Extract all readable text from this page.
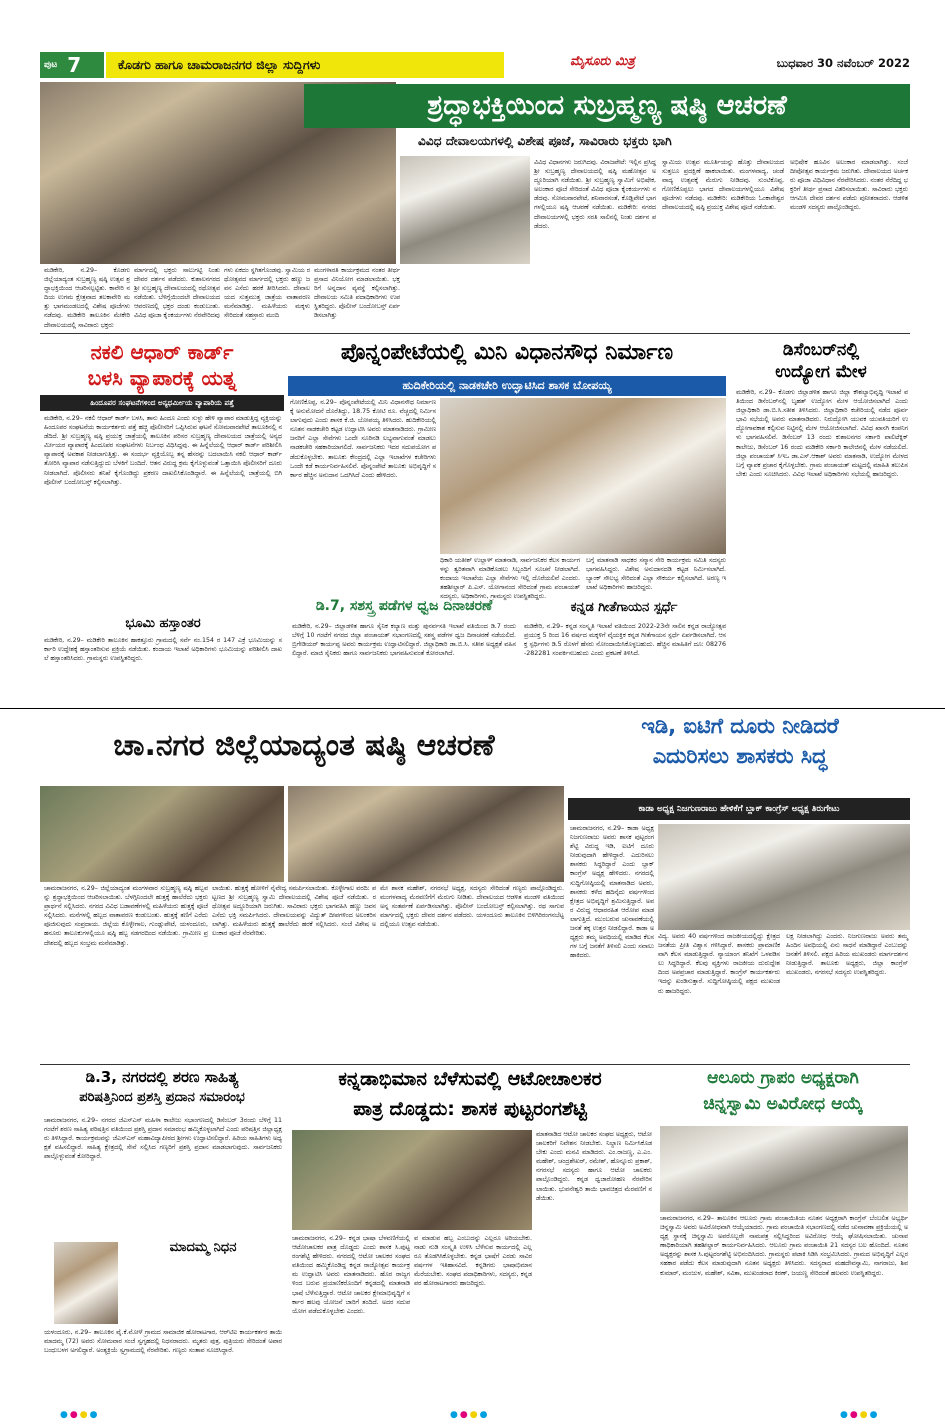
ಪುಟ 7	ಕೊಡಗು ಹಾಗೂ ಚಾಮರಾಜನಗರ ಜಿಲ್ಲಾ ಸುದ್ದಿಗಳು	ಮೈಸೂರು ಮಿತ್ರ	ಬುಧವಾರ 30 ನವೆಂಬರ್ 2022
ಶ್ರದ್ಧಾಭಕ್ತಿಯಿಂದ ಸುಬ್ರಹ್ಮಣ್ಯ ಷಷ್ಠಿ ಆಚರಣೆ
ವಿವಿಧ ದೇವಾಲಯಗಳಲ್ಲಿ ವಿಶೇಷ ಪೂಜೆ, ಸಾವಿರಾರು ಭಕ್ತರು ಭಾಗಿ
ಮಡಿಕೇರಿ, ನ.29– ಕೊಡಗು ಜಿಲ್ಲೆಯಾದ್ಯಂತ ಸುಬ್ರಹ್ಮಣ್ಯ ಷಷ್ಠಿ ಉತ್ಸವ ಶ್ರದ್ಧಾಭಕ್ತಿಯಿಂದ ಆಚರಿಸಲ್ಪಟ್ಟಿತು. ಕಾವೇರಿ ನದಿಯ ಉಗಮ ಕ್ಷೇತ್ರವಾದ ತಲಕಾವೇರಿ ಮತ್ತು ಭಾಗಮಂಡಲದಲ್ಲಿ ವಿಶೇಷ ಪೂಜೆಗಳು ನಡೆದವು. ಮಡಿಕೇರಿ ತಾಲೂಕಿನ ಮೇಕೇರಿ ದೇವಾಲಯದಲ್ಲಿ ಸಾವಿರಾರು ಭಕ್ತರು
ಮಾರ್ಗದಲ್ಲಿ ಭಕ್ತರು ಸಾಲುಗಟ್ಟಿ ನಿಂತು ದೇವರ ದರ್ಶನ ಪಡೆದರು. ಕುಶಾಲನಗರದ ಶ್ರೀ ಸುಬ್ರಹ್ಮಣ್ಯ ದೇವಾಲಯದಲ್ಲಿ ರಥೋತ್ಸವ ನಡೆಯಿತು. ಬೆಳಿಗ್ಗೆಯಿಂದಲೇ ದೇವಾಲಯದ ಆವರಣದಲ್ಲಿ ಭಕ್ತರ ದಂಡು ಕಂಡುಬಂತು. ವಿವಿಧ ಪೂಜಾ ಕೈಂಕರ್ಯಗಳು ನೆರವೇರಿದವು
ಗಳು ಏಕದಂ ಸ್ಥಗಿತಗೊಂಡವು. ಸ್ವಾಮಿಯ ರಥೋತ್ಸವದ ಮಾರ್ಗದಲ್ಲಿ ಭಕ್ತರು ಹಣ್ಣು ಜವನ ಎಸೆದು ಹರಕೆ ತೀರಿಸಿದರು. ದೇವಾಲಯದ ಸುತ್ತಮುತ್ತ ಜಾತ್ರೆಯ ವಾತಾವರಣ ಮನೆಮಾಡಿತ್ತು. ಮಹಿಳೆಯರು ಮಕ್ಕಳು ಸೇರಿದಂತೆ ಸಹಸ್ರಾರು ಮಂದಿ
ಮಂಗಳಾರತಿ ಕಾರ್ಯಕ್ರಮದ ನಂತರ ತೀರ್ಥ ಪ್ರಸಾದ ವಿನಿಯೋಗ ಮಾಡಲಾಯಿತು. ಭಕ್ತರಿಗೆ ಅನ್ನದಾನ ವ್ಯವಸ್ಥೆ ಕಲ್ಪಿಸಲಾಗಿತ್ತು. ದೇವಾಲಯ ಸಮಿತಿ ಪದಾಧಿಕಾರಿಗಳು ಉಪಸ್ಥಿತರಿದ್ದರು. ಪೊಲೀಸ್ ಬಂದೋಬಸ್ತ್ ಏರ್ಪಡಿಸಲಾಗಿತ್ತು
ವಿವಿಧ ವಿಧಾನಗಳು ಜರುಗಿದವು. ವಿರಾಜಪೇಟೆ: ಇಲ್ಲಿನ ಪ್ರಸಿದ್ಧ ಶ್ರೀ ಸುಬ್ರಹ್ಮಣ್ಯ ದೇವಾಲಯದಲ್ಲಿ ಷಷ್ಠಿ ಮಹೋತ್ಸವ ಅದ್ದೂರಿಯಾಗಿ ನಡೆಯಿತು. ಶ್ರೀ ಸುಬ್ರಹ್ಮಣ್ಯ ಸ್ವಾಮಿಗೆ ಅಭಿಷೇಕ, ಅಲಂಕಾರ ಪೂಜೆ ಸೇರಿದಂತೆ ವಿವಿಧ ಪೂಜಾ ಕೈಂಕರ್ಯಗಳು ನಡೆದವು. ಸೋಮವಾರಪೇಟೆ, ಶನಿವಾರಸಂತೆ, ಕೊಡ್ಲಿಪೇಟೆ ಭಾಗಗಳಲ್ಲಿಯೂ ಷಷ್ಠಿ ಆಚರಣೆ ನಡೆಯಿತು. ಮಡಿಕೇರಿ: ನಗರದ ದೇವಾಲಯಗಳಲ್ಲಿ ಭಕ್ತರು ಸರತಿ ಸಾಲಿನಲ್ಲಿ ನಿಂತು ದರ್ಶನ ಪಡೆದರು.
ಸ್ವಾಮಿಯ ಉತ್ಸವ ಮೂರ್ತಿಯನ್ನು ಹೊತ್ತು ದೇವಾಲಯದ ಸುತ್ತಲೂ ಪ್ರದಕ್ಷಿಣೆ ಹಾಕಲಾಯಿತು. ಮಂಗಳವಾದ್ಯ, ಚಂಡೆ ವಾದ್ಯ ಉತ್ಸವಕ್ಕೆ ಮೆರುಗು ನೀಡಿದವು. ಸುಂಟಿಕೊಪ್ಪ, ಗೋಣಿಕೊಪ್ಪಲು ಭಾಗದ ದೇವಾಲಯಗಳಲ್ಲಿಯೂ ವಿಶೇಷ ಪೂಜೆಗಳು ನಡೆದವು. ಮಡಿಕೇರಿ: ಮಡಿಕೇರಿಯ ಓಂಕಾರೇಶ್ವರ ದೇವಾಲಯದಲ್ಲಿ ಷಷ್ಠಿ ಪ್ರಯುಕ್ತ ವಿಶೇಷ ಪೂಜೆ ನಡೆಯಿತು.
ಅಭಿಷೇಕ ಹೂವಿನ ಅಲಂಕಾರ ಮಾಡಲಾಗಿತ್ತು. ಸಂಜೆ ದೀಪೋತ್ಸವ ಕಾರ್ಯಕ್ರಮ ಜರುಗಿತು. ದೇವಾಲಯದ ಅರ್ಚಕರು ಪೂಜಾ ವಿಧಿವಿಧಾನ ನೆರವೇರಿಸಿದರು. ನಂತರ ನೆರೆದಿದ್ದ ಭಕ್ತರಿಗೆ ತೀರ್ಥ ಪ್ರಸಾದ ವಿತರಿಸಲಾಯಿತು. ಸಾವಿರಾರು ಭಕ್ತರು ಆಗಮಿಸಿ ದೇವರ ದರ್ಶನ ಪಡೆದು ಪುನೀತರಾದರು. ಆಡಳಿತ ಮಂಡಳಿ ಸದಸ್ಯರು ಪಾಲ್ಗೊಂಡಿದ್ದರು.
ನಕಲಿ ಆಧಾರ್ ಕಾರ್ಡ್
ಬಳಸಿ ವ್ಯಾಪಾರಕ್ಕೆ ಯತ್ನ
ಹಿಂದೂಪರ ಸಂಘಟನೆಗಳಿಂದ ಅನ್ಯಧರ್ಮೀಯ ವ್ಯಾಪಾರಿಯ ಪತ್ತೆ
ಮಡಿಕೇರಿ, ನ.29– ನಕಲಿ ಆಧಾರ್ ಕಾರ್ಡ್ ಬಳಸಿ, ತಾನು ಹಿಂದೂ ಎಂದು ಸುಳ್ಳು ಹೇಳಿ ವ್ಯಾಪಾರ ಮಾಡುತ್ತಿದ್ದ ವ್ಯಕ್ತಿಯನ್ನು ಹಿಂದೂಪರ ಸಂಘಟನೆಯ ಕಾರ್ಯಕರ್ತರು ಪತ್ತೆ ಹಚ್ಚಿ ಪೊಲೀಸರಿಗೆ ಒಪ್ಪಿಸಿರುವ ಘಟನೆ ಸೋಮವಾರಪೇಟೆ ತಾಲೂಕಿನಲ್ಲಿ ನಡೆದಿದೆ. ಶ್ರೀ ಸುಬ್ರಹ್ಮಣ್ಯ ಷಷ್ಠಿ ಪ್ರಯುಕ್ತ ಜಾತ್ರೆಯಲ್ಲಿ ತಾಲೂಕಿನ ಪರಿಸರ ಸುಬ್ರಹ್ಮಣ್ಯ ದೇವಾಲಯದ ಜಾತ್ರೆಯಲ್ಲಿ ಅನ್ಯಧರ್ಮೀಯರ ವ್ಯಾಪಾರಕ್ಕೆ ಹಿಂದೂಪರ ಸಂಘಟನೆಗಳು ನಿರ್ಬಂಧ ವಿಧಿಸಿದ್ದವು. ಈ ಹಿನ್ನೆಲೆಯಲ್ಲಿ ಆಧಾರ್ ಕಾರ್ಡ್ ಪರಿಶೀಲಿಸಿ ವ್ಯಾಪಾರಕ್ಕೆ ಅವಕಾಶ ನೀಡಲಾಗುತ್ತಿತ್ತು. ಈ ಸಂದರ್ಭ ವ್ಯಕ್ತಿಯೊಬ್ಬ ತನ್ನ ಹೆಸರನ್ನು ಬದಲಾಯಿಸಿ ನಕಲಿ ಆಧಾರ್ ಕಾರ್ಡ್ ತೋರಿಸಿ ವ್ಯಾಪಾರ ನಡೆಸುತ್ತಿದ್ದುದು ಬೆಳಕಿಗೆ ಬಂದಿದೆ. ಆತನ ವಿರುದ್ಧ ಕ್ರಮ ಕೈಗೊಳ್ಳುವಂತೆ ಒತ್ತಾಯಿಸಿ ಪೊಲೀಸರಿಗೆ ದೂರು ನೀಡಲಾಗಿದೆ. ಪೊಲೀಸರು ತನಿಖೆ ಕೈಗೊಂಡಿದ್ದು ಪ್ರಕರಣ ದಾಖಲಿಸಿಕೊಂಡಿದ್ದಾರೆ. ಈ ಹಿನ್ನೆಲೆಯಲ್ಲಿ ಜಾತ್ರೆಯಲ್ಲಿ ಬಿಗಿ ಪೊಲೀಸ್ ಬಂದೋಬಸ್ತ್ ಕಲ್ಪಿಸಲಾಗಿತ್ತು.
ಭೂಮಿ ಹಸ್ತಾಂತರ
ಮಡಿಕೇರಿ, ನ.29– ಮಡಿಕೇರಿ ತಾಲೂಕಿನ ಹಾಕತ್ತೂರು ಗ್ರಾಮದಲ್ಲಿ ಸರ್ವೆ ನಂ.154 ರ 147 ಎಕ್ರೆ ಭೂಮಿಯನ್ನು ಸರ್ಕಾರಿ ಉದ್ದೇಶಕ್ಕೆ ಹಸ್ತಾಂತರಿಸುವ ಪ್ರಕ್ರಿಯೆ ನಡೆಯಿತು. ಕಂದಾಯ ಇಲಾಖೆ ಅಧಿಕಾರಿಗಳು ಭೂಮಿಯನ್ನು ಪರಿಶೀಲಿಸಿ ದಾಖಲೆ ಹಸ್ತಾಂತರಿಸಿದರು. ಗ್ರಾಮಸ್ಥರು ಉಪಸ್ಥಿತರಿದ್ದರು.
ಪೊನ್ನಂಪೇಟೆಯಲ್ಲಿ ಮಿನಿ ವಿಧಾನಸೌಧ ನಿರ್ಮಾಣ
ಹುದಿಕೇರಿಯಲ್ಲಿ ನಾಡಕಚೇರಿ ಉದ್ಘಾಟಿಸಿದ ಶಾಸಕ ಬೋಪಯ್ಯ
ಗೋಣಿಕೊಪ್ಪ, ನ.29– ಪೊನ್ನಂಪೇಟೆಯಲ್ಲಿ ಮಿನಿ ವಿಧಾನಸೌಧ ನಿರ್ಮಾಣಕ್ಕೆ ಅನುಮೋದನೆ ದೊರೆತಿದ್ದು, 18.75 ಕೋಟಿ ರೂ. ವೆಚ್ಚದಲ್ಲಿ ನಿರ್ಮಿಸಲಾಗುವುದು ಎಂದು ಶಾಸಕ ಕೆ.ಜಿ. ಬೋಪಯ್ಯ ತಿಳಿಸಿದರು. ಹುದಿಕೇರಿಯಲ್ಲಿ ನೂತನ ನಾಡಕಚೇರಿ ಕಟ್ಟಡ ಉದ್ಘಾಟಿಸಿ ಅವರು ಮಾತನಾಡಿದರು. ಗ್ರಾಮೀಣ ಜನರಿಗೆ ಎಲ್ಲಾ ಸೇವೆಗಳು ಒಂದೇ ಸೂರಿನಡಿ ಲಭ್ಯವಾಗುವಂತೆ ಮಾಡಲು ನಾಡಕಚೇರಿ ಸಹಕಾರಿಯಾಗಲಿದೆ. ಸಾರ್ವಜನಿಕರು ಇದರ ಸದುಪಯೋಗ ಪಡೆದುಕೊಳ್ಳಬೇಕು. ತಾಲೂಕು ಕೇಂದ್ರದಲ್ಲಿ ಎಲ್ಲಾ ಇಲಾಖೆಗಳ ಕಚೇರಿಗಳು ಒಂದೇ ಕಡೆ ಕಾರ್ಯನಿರ್ವಹಿಸಲಿವೆ. ಪೊನ್ನಂಪೇಟೆ ತಾಲೂಕು ಅಭಿವೃದ್ಧಿಗೆ ಸರ್ಕಾರ ಹೆಚ್ಚಿನ ಅನುದಾನ ಒದಗಿಸಿದೆ ಎಂದು ಹೇಳಿದರು.
ಧಿಕಾರಿ ಯತೀಶ್ ಉಲ್ಲಾಳ್ ಮಾತನಾಡಿ, ಸಾರ್ವಜನಿಕರ ಕೆಲಸ ಕಾರ್ಯಗಳನ್ನು ತ್ವರಿತವಾಗಿ ಮಾಡಿಕೊಡಲು ಸಿಬ್ಬಂದಿಗೆ ಸೂಚನೆ ನೀಡಲಾಗಿದೆ. ಕಂದಾಯ ಇಲಾಖೆಯ ಎಲ್ಲಾ ಸೇವೆಗಳು ಇಲ್ಲಿ ದೊರೆಯಲಿವೆ ಎಂದರು. ತಹಶೀಲ್ದಾರ್ ಪಿ.ಎಸ್. ಯೋಗಾನಂದ ಸೇರಿದಂತೆ ಗ್ರಾಮ ಪಂಚಾಯತ್ ಸದಸ್ಯರು, ಅಧಿಕಾರಿಗಳು, ಗ್ರಾಮಸ್ಥರು ಉಪಸ್ಥಿತರಿದ್ದರು.
ಬಗ್ಗೆ ಮಾತನಾಡಿ ಸಾಧಕರ ಸನ್ಮಾನ ಸೇರಿ ಕಾರ್ಯಕ್ರಮ ಸಮಿತಿ ಸದಸ್ಯರು ಭಾಗವಹಿಸಿದ್ದರು. ವಿಶೇಷ ಅನುದಾನದಡಿ ಕಟ್ಟಡ ನಿರ್ಮಿಸಲಾಗಿದೆ. ಬ್ಯಾಂಕ್ ಸೌಲಭ್ಯ ಸೇರಿದಂತೆ ಎಲ್ಲಾ ಸೌಕರ್ಯ ಕಲ್ಪಿಸಲಾಗಿದೆ. ಅರಣ್ಯ ಇಲಾಖೆ ಅಧಿಕಾರಿಗಳು ಹಾಜರಿದ್ದರು.
ಡಿ.7, ಸಶಸ್ತ್ರ ಪಡೆಗಳ ಧ್ವಜ ದಿನಾಚರಣೆ
ಮಡಿಕೇರಿ, ನ.29– ಜಿಲ್ಲಾಡಳಿತ ಹಾಗೂ ಸೈನಿಕ ಕಲ್ಯಾಣ ಮತ್ತು ಪುನರ್ವಸತಿ ಇಲಾಖೆ ವತಿಯಿಂದ ಡಿ.7 ರಂದು ಬೆಳಿಗ್ಗೆ 10 ಗಂಟೆಗೆ ನಗರದ ಜಿಲ್ಲಾ ಪಂಚಾಯತ್ ಸಭಾಂಗಣದಲ್ಲಿ ಸಶಸ್ತ್ರ ಪಡೆಗಳ ಧ್ವಜ ದಿನಾಚರಣೆ ನಡೆಯಲಿದೆ. ಬ್ರಿಗೇಡಿಯರ್ ಕಾರ್ಯಪ್ಪ ಅವರು ಕಾರ್ಯಕ್ರಮ ಉದ್ಘಾಟಿಸಲಿದ್ದಾರೆ. ಜಿಲ್ಲಾಧಿಕಾರಿ ಡಾ.ಬಿ.ಸಿ. ಸತೀಶ ಅಧ್ಯಕ್ಷತೆ ವಹಿಸಲಿದ್ದಾರೆ. ಮಾಜಿ ಸೈನಿಕರು ಹಾಗೂ ಸಾರ್ವಜನಿಕರು ಭಾಗವಹಿಸುವಂತೆ ಕೋರಲಾಗಿದೆ.
ಕನ್ನಡ ಗೀತೆಗಾಯನ ಸ್ಪರ್ಧೆ
ಮಡಿಕೇರಿ, ನ.29– ಕನ್ನಡ ಸಂಸ್ಕೃತಿ ಇಲಾಖೆ ವತಿಯಿಂದ 2022-23ನೇ ಸಾಲಿನ ಕನ್ನಡ ರಾಜ್ಯೋತ್ಸವ ಪ್ರಯುಕ್ತ 5 ರಿಂದ 16 ವರ್ಷದ ಮಕ್ಕಳಿಗೆ ವೈಯಕ್ತಿಕ ಕನ್ನಡ ಗೀತೆಗಾಯನ ಸ್ಪರ್ಧೆ ಏರ್ಪಡಿಸಲಾಗಿದೆ. ಆಸಕ್ತ ಸ್ಪರ್ಧಿಗಳು ಡಿ.5 ರೊಳಗೆ ಹೆಸರು ನೋಂದಾಯಿಸಿಕೊಳ್ಳಬಹುದು. ಹೆಚ್ಚಿನ ಮಾಹಿತಿಗೆ ದೂ: 08276-282281 ಸಂಪರ್ಕಿಸಬಹುದು ಎಂದು ಪ್ರಕಟಣೆ ತಿಳಿಸಿದೆ.
ಡಿಸೆಂಬರ್‌ನಲ್ಲಿ
ಉದ್ಯೋಗ ಮೇಳ
ಮಡಿಕೇರಿ, ನ.29– ಕೊಡಗು ಜಿಲ್ಲಾಡಳಿತ ಹಾಗೂ ಜಿಲ್ಲಾ ಕೌಶಲ್ಯಾಭಿವೃದ್ಧಿ ಇಲಾಖೆ ವತಿಯಿಂದ ಡಿಸೆಂಬರ್‌ನಲ್ಲಿ ಬೃಹತ್ ಉದ್ಯೋಗ ಮೇಳ ಆಯೋಜಿಸಲಾಗಿದೆ ಎಂದು ಜಿಲ್ಲಾಧಿಕಾರಿ ಡಾ.ಬಿ.ಸಿ.ಸತೀಶ ತಿಳಿಸಿದರು. ಜಿಲ್ಲಾಧಿಕಾರಿ ಕಚೇರಿಯಲ್ಲಿ ನಡೆದ ಪೂರ್ವಭಾವಿ ಸಭೆಯಲ್ಲಿ ಅವರು ಮಾತನಾಡಿದರು. ನಿರುದ್ಯೋಗಿ ಯುವಕ ಯುವತಿಯರಿಗೆ ಉದ್ಯೋಗಾವಕಾಶ ಕಲ್ಪಿಸುವ ನಿಟ್ಟಿನಲ್ಲಿ ಮೇಳ ಆಯೋಜಿಸಲಾಗಿದೆ. ವಿವಿಧ ಖಾಸಗಿ ಕಂಪನಿಗಳು ಭಾಗವಹಿಸಲಿವೆ. ಡಿಸೆಂಬರ್ 13 ರಂದು ಕುಶಾಲನಗರ ಸರ್ಕಾರಿ ಪಾಲಿಟೆಕ್ನಿಕ್ ಕಾಲೇಜು, ಡಿಸೆಂಬರ್ 16 ರಂದು ಮಡಿಕೇರಿ ಸರ್ಕಾರಿ ಕಾಲೇಜಿನಲ್ಲಿ ಮೇಳ ನಡೆಯಲಿದೆ. ಜಿಲ್ಲಾ ಪಂಚಾಯತ್ ಸಿಇಒ ಡಾ.ಎಸ್.ಆಕಾಶ್ ಅವರು ಮಾತನಾಡಿ, ಉದ್ಯೋಗ ಮೇಳದ ಬಗ್ಗೆ ವ್ಯಾಪಕ ಪ್ರಚಾರ ಕೈಗೊಳ್ಳಬೇಕು. ಗ್ರಾಮ ಪಂಚಾಯತ್ ಮಟ್ಟದಲ್ಲಿ ಮಾಹಿತಿ ತಲುಪಿಸಬೇಕು ಎಂದು ಸೂಚಿಸಿದರು. ವಿವಿಧ ಇಲಾಖೆ ಅಧಿಕಾರಿಗಳು ಸಭೆಯಲ್ಲಿ ಹಾಜರಿದ್ದರು.
ಚಾ.ನಗರ ಜಿಲ್ಲೆಯಾದ್ಯಂತ ಷಷ್ಠಿ ಆಚರಣೆ
ಚಾಮರಾಜನಗರ, ನ.29– ಜಿಲ್ಲೆಯಾದ್ಯಂತ ಮಂಗಳವಾರ ಸುಬ್ರಹ್ಮಣ್ಯ ಷಷ್ಠಿ ಹಬ್ಬವನ್ನು ಶ್ರದ್ಧಾಭಕ್ತಿಯಿಂದ ಆಚರಿಸಲಾಯಿತು. ಬೆಳಗ್ಗಿನಿಂದಲೇ ಹುತ್ತಕ್ಕೆ ಹಾಲೆರೆದು ಭಕ್ತರು ಪ್ರಾರ್ಥನೆ ಸಲ್ಲಿಸಿದರು. ನಗರದ ವಿವಿಧ ಬಡಾವಣೆಗಳಲ್ಲಿ ಮಹಿಳೆಯರು ಹುತ್ತಕ್ಕೆ ಪೂಜೆ ಸಲ್ಲಿಸಿದರು. ಮನೆಗಳಲ್ಲಿ ಹಬ್ಬದ ವಾತಾವರಣ ಕಂಡುಬಂತು. ಹುತ್ತಕ್ಕೆ ತಣಿಗೆ ಎರೆದು ಪೂಜಿಸುವುದು ಸಂಪ್ರದಾಯ. ಜಿಲ್ಲೆಯ ಕೊಳ್ಳೇಗಾಲ, ಗುಂಡ್ಲುಪೇಟೆ, ಯಳಂದೂರು, ಹನೂರು ತಾಲೂಕುಗಳಲ್ಲಿಯೂ ಷಷ್ಠಿ ಹಬ್ಬ ಸಡಗರದಿಂದ ನಡೆಯಿತು. ಗ್ರಾಮೀಣ ಪ್ರದೇಶದಲ್ಲಿ ಹಬ್ಬದ ಸಂಭ್ರಮ ಮನೆಮಾಡಿತ್ತು.
ಲಾಯಿತು. ಹುತ್ತಕ್ಕೆ ಹೋಳಿಗೆ ನೈವೇದ್ಯ ಸಮರ್ಪಿಸಲಾಯಿತು. ಕೊಳ್ಳೇಗಾಲ ವರದಿ: ಪಟ್ಟಣದ ಶ್ರೀ ಸುಬ್ರಹ್ಮಣ್ಯ ಸ್ವಾಮಿ ದೇವಾಲಯದಲ್ಲಿ ವಿಶೇಷ ಪೂಜೆ ನಡೆಯಿತು. ರಥೋತ್ಸವ ಅದ್ದೂರಿಯಾಗಿ ಜರುಗಿತು. ಸಾವಿರಾರು ಭಕ್ತರು ಭಾಗವಹಿಸಿ ಹಣ್ಣು ಜವನ ಎಸೆದು ಭಕ್ತಿ ಸಮರ್ಪಿಸಿದರು. ದೇವಾಲಯವನ್ನು ವಿದ್ಯುತ್ ದೀಪಗಳಿಂದ ಅಲಂಕರಿಸಲಾಗಿತ್ತು. ಮಹಿಳೆಯರು ಹುತ್ತಕ್ಕೆ ಹಾಲೆರೆದು ಹರಕೆ ಸಲ್ಲಿಸಿದರು. ಸಂಜೆ ವಿಶೇಷ ಅಲಂಕಾರ ಪೂಜೆ ನೆರವೇರಿತು.
ಮೇ ಶಾಸಕ ಮಹೇಶ್, ನಗರಸಭೆ ಅಧ್ಯಕ್ಷ, ಸದಸ್ಯರು ಸೇರಿದಂತೆ ಗಣ್ಯರು ಪಾಲ್ಗೊಂಡಿದ್ದರು. ಮಂಗಳವಾದ್ಯ ಮೆರವಣಿಗೆಗೆ ಮೆರುಗು ನೀಡಿತು. ದೇವಾಲಯದ ಆಡಳಿತ ಮಂಡಳಿ ವತಿಯಿಂದ ಅನ್ನ ಸಂತರ್ಪಣೆ ಏರ್ಪಡಿಸಲಾಗಿತ್ತು. ಪೊಲೀಸ್ ಬಂದೋಬಸ್ತ್ ಕಲ್ಪಿಸಲಾಗಿತ್ತು. ರಥ ಸಾಗುವ ಮಾರ್ಗದಲ್ಲಿ ಭಕ್ತರು ದೇವರ ದರ್ಶನ ಪಡೆದರು. ಯಳಂದೂರು ತಾಲೂಕಿನ ಬಿಳಿಗಿರಿರಂಗನಬೆಟ್ಟದಲ್ಲಿಯೂ ಉತ್ಸವ ನಡೆಯಿತು.
ಇಡಿ, ಐಟಿಗೆ ದೂರು ನೀಡಿದರೆ
ಎದುರಿಸಲು ಶಾಸಕರು ಸಿದ್ಧ
ಕಾಡಾ ಅಧ್ಯಕ್ಷ ನಿಜಗುಣರಾಜು ಹೇಳಿಕೆಗೆ ಬ್ಲಾಕ್ ಕಾಂಗ್ರೆಸ್ ಅಧ್ಯಕ್ಷ ತಿರುಗೇಟು
ಚಾಮರಾಜನಗರ, ನ.29– ಕಾಡಾ ಅಧ್ಯಕ್ಷ ನಿಜಗುಣರಾಜು ಅವರು ಶಾಸಕ ಪುಟ್ಟರಂಗಶೆಟ್ಟಿ ವಿರುದ್ಧ ಇಡಿ, ಐಟಿಗೆ ದೂರು ನೀಡುವುದಾಗಿ ಹೇಳಿದ್ದಾರೆ. ಎದುರಿಸಲು ಶಾಸಕರು ಸಿದ್ಧರಿದ್ದಾರೆ ಎಂದು ಬ್ಲಾಕ್ ಕಾಂಗ್ರೆಸ್ ಅಧ್ಯಕ್ಷ ಹೇಳಿದರು. ನಗರದಲ್ಲಿ ಸುದ್ದಿಗೋಷ್ಠಿಯಲ್ಲಿ ಮಾತನಾಡಿದ ಅವರು, ಶಾಸಕರು ಕಳೆದ ಹದಿನೈದು ವರ್ಷಗಳಿಂದ ಕ್ಷೇತ್ರದ ಅಭಿವೃದ್ಧಿಗೆ ಶ್ರಮಿಸುತ್ತಿದ್ದಾರೆ. ಅವರ ವಿರುದ್ಧ ಆಧಾರರಹಿತ ಆರೋಪ ಮಾಡಲಾಗುತ್ತಿದೆ. ಮುಂಬರುವ ಚುನಾವಣೆಯಲ್ಲಿ ಜನತೆ ತಕ್ಕ ಉತ್ತರ ನೀಡಲಿದ್ದಾರೆ. ಕಾಡಾ ಅಧ್ಯಕ್ಷರು ತಮ್ಮ ಅವಧಿಯಲ್ಲಿ ಮಾಡಿದ ಕೆಲಸಗಳ ಬಗ್ಗೆ ಜನತೆಗೆ ತಿಳಿಸಲಿ ಎಂದು ಸವಾಲು ಹಾಕಿದರು.
ವಿದ್ಯ. ಅವರು 40 ವರ್ಷಗಳಿಂದ ರಾಜಕೀಯದಲ್ಲಿದ್ದು ಕ್ಷೇತ್ರದ ಜನತೆಯ ಪ್ರೀತಿ ವಿಶ್ವಾಸ ಗಳಿಸಿದ್ದಾರೆ. ಶಾಸಕರು ಪ್ರಾಮಾಣಿಕವಾಗಿ ಕೆಲಸ ಮಾಡುತ್ತಿದ್ದಾರೆ. ನ್ಯಾಯಾಂಗ ತನಿಖೆಗೆ ಒಳಪಡಿಸಲು ಸಿದ್ಧರಿದ್ದಾರೆ. ಕೆಲವು ವ್ಯಕ್ತಿಗಳು ರಾಜಕೀಯ ದುರುದ್ದೇಶದಿಂದ ಅಪಪ್ರಚಾರ ಮಾಡುತ್ತಿದ್ದಾರೆ. ಕಾಂಗ್ರೆಸ್ ಕಾರ್ಯಕರ್ತರು ಇದನ್ನು ಖಂಡಿಸುತ್ತಾರೆ. ಸುದ್ದಿಗೋಷ್ಠಿಯಲ್ಲಿ ಪಕ್ಷದ ಮುಖಂಡರು ಹಾಜರಿದ್ದರು.
ಲಕ್ಷ ನೀಡಲಾಗಿದ್ದು ಎಂದರು. ನಿಜಗುಣರಾಜು ಅವರು ತಮ್ಮ ಹಿಂದಿನ ಅವಧಿಯಲ್ಲಿ ಏನು ಸಾಧನೆ ಮಾಡಿದ್ದಾರೆ ಎಂಬುದನ್ನು ಜನತೆಗೆ ತಿಳಿಸಲಿ. ಪಕ್ಷದ ಹಿರಿಯ ಮುಖಂಡರು ಮಾರ್ಗದರ್ಶನ ನೀಡುತ್ತಿದ್ದಾರೆ. ತಾಲೂಕು ಅಧ್ಯಕ್ಷರು, ಜಿಲ್ಲಾ ಕಾಂಗ್ರೆಸ್ ಮುಖಂಡರು, ನಗರಸಭೆ ಸದಸ್ಯರು ಉಪಸ್ಥಿತರಿದ್ದರು.
ಡಿ.3, ನಗರದಲ್ಲಿ ಶರಣ ಸಾಹಿತ್ಯ
ಪರಿಷತ್ತಿನಿಂದ ಪ್ರಶಸ್ತಿ ಪ್ರದಾನ ಸಮಾರಂಭ
ಚಾಮರಾಜನಗರ, ನ.29– ನಗರದ ಜೆಎಸ್ಎಸ್ ಮಹಿಳಾ ಕಾಲೇಜು ಸಭಾಂಗಣದಲ್ಲಿ ಡಿಸೆಂಬರ್ 3ರಂದು ಬೆಳಿಗ್ಗೆ 11 ಗಂಟೆಗೆ ಶರಣ ಸಾಹಿತ್ಯ ಪರಿಷತ್ತಿನ ವತಿಯಿಂದ ಪ್ರಶಸ್ತಿ ಪ್ರದಾನ ಸಮಾರಂಭ ಹಮ್ಮಿಕೊಳ್ಳಲಾಗಿದೆ ಎಂದು ಪರಿಷತ್ತಿನ ಜಿಲ್ಲಾಧ್ಯಕ್ಷರು ತಿಳಿಸಿದ್ದಾರೆ. ಕಾರ್ಯಕ್ರಮವನ್ನು ಜೆಎಸ್ಎಸ್ ಮಹಾವಿದ್ಯಾಪೀಠದ ಶ್ರೀಗಳು ಉದ್ಘಾಟಿಸಲಿದ್ದಾರೆ. ಹಿರಿಯ ಸಾಹಿತಿಗಳು ಅಧ್ಯಕ್ಷತೆ ವಹಿಸಲಿದ್ದಾರೆ. ಸಾಹಿತ್ಯ ಕ್ಷೇತ್ರದಲ್ಲಿ ಸೇವೆ ಸಲ್ಲಿಸಿದ ಗಣ್ಯರಿಗೆ ಪ್ರಶಸ್ತಿ ಪ್ರದಾನ ಮಾಡಲಾಗುವುದು. ಸಾರ್ವಜನಿಕರು ಪಾಲ್ಗೊಳ್ಳುವಂತೆ ಕೋರಿದ್ದಾರೆ.
ಮಾದಮ್ಮ ನಿಧನ
ಯಳಂದೂರು, ನ.29– ತಾಲೂಕಿನ ವೈ.ಕೆ.ಮೋಳೆ ಗ್ರಾಮದ ಸಾಮಾಜಿಕ ಹೋರಾಟಗಾರ, ಆರ್‌ಟಿಐ ಕಾರ್ಯಕರ್ತರ ತಾಯಿ ಮಾದಮ್ಮ (72) ಅವರು ಸೋಮವಾರ ಸಂಜೆ ಸ್ವಗೃಹದಲ್ಲಿ ನಿಧನರಾದರು. ಮೃತರು ಪುತ್ರ, ಪುತ್ರಿಯರು ಸೇರಿದಂತೆ ಅಪಾರ ಬಂಧುಬಳಗ ಅಗಲಿದ್ದಾರೆ. ಅಂತ್ಯಕ್ರಿಯೆ ಸ್ವಗ್ರಾಮದಲ್ಲಿ ನೆರವೇರಿತು. ಗಣ್ಯರು ಸಂತಾಪ ಸೂಚಿಸಿದ್ದಾರೆ.
ಕನ್ನಡಾಭಿಮಾನ ಬೆಳೆಸುವಲ್ಲಿ ಆಟೋಚಾಲಕರ
ಪಾತ್ರ ದೊಡ್ಡದು: ಶಾಸಕ ಪುಟ್ಟರಂಗಶೆಟ್ಟಿ
ಮಾತನಾಡಿದ ಆಟೋ ಚಾಲಕರ ಸಂಘದ ಅಧ್ಯಕ್ಷರು, ಆಟೋ ಚಾಲಕರಿಗೆ ನಿವೇಶನ ನೀಡಬೇಕು. ನಿಲ್ದಾಣ ನಿರ್ಮಿಸಿಕೊಡಬೇಕು ಎಂದು ಮನವಿ ಮಾಡಿದರು. ಎಂ.ರಾಜಣ್ಣ, ಎ.ಎಂ.ಮಹೇಶ್, ಚಂದ್ರಶೇಖರ್, ರಮೇಶ್, ಹೊನ್ನೂರು ಪ್ರಕಾಶ್, ನಗರಸಭೆ ಸದಸ್ಯರು ಹಾಗೂ ಆಟೋ ಚಾಲಕರು ಪಾಲ್ಗೊಂಡಿದ್ದರು. ಕನ್ನಡ ಧ್ವಜಾರೋಹಣ ನೆರವೇರಿಸಲಾಯಿತು. ಭುವನೇಶ್ವರಿ ತಾಯಿ ಭಾವಚಿತ್ರದ ಮೆರವಣಿಗೆ ನಡೆಯಿತು.
ಚಾಮರಾಜನಗರ, ನ.29– ಕನ್ನಡ ಭಾಷಾ ಬೆಳವಣಿಗೆಯಲ್ಲಿ ಆಟೋಚಾಲಕರ ಪಾತ್ರ ದೊಡ್ಡದು ಎಂದು ಶಾಸಕ ಸಿ.ಪುಟ್ಟರಂಗಶೆಟ್ಟಿ ಹೇಳಿದರು. ನಗರದಲ್ಲಿ ಆಟೋ ಚಾಲಕರ ಸಂಘದ ವತಿಯಿಂದ ಹಮ್ಮಿಕೊಂಡಿದ್ದ ಕನ್ನಡ ರಾಜ್ಯೋತ್ಸವ ಕಾರ್ಯಕ್ರಮ ಉದ್ಘಾಟಿಸಿ ಅವರು ಮಾತನಾಡಿದರು. ಹೊರ ರಾಜ್ಯಗಳಿಂದ ಬರುವ ಪ್ರಯಾಣಿಕರೊಂದಿಗೆ ಕನ್ನಡದಲ್ಲಿ ಮಾತನಾಡಿ ಭಾಷೆ ಬೆಳೆಸುತ್ತಿದ್ದಾರೆ. ಆಟೋ ಚಾಲಕರ ಕ್ಷೇಮಾಭಿವೃದ್ಧಿಗೆ ಸರ್ಕಾರ ಹಲವು ಯೋಜನೆ ಜಾರಿಗೆ ತಂದಿದೆ. ಅದರ ಸದುಪಯೋಗ ಪಡೆದುಕೊಳ್ಳಬೇಕು ಎಂದರು.
ವ ಮಾಡುವ ಹಬ್ಬ ಎಂಬುದನ್ನು ಎಲ್ಲರೂ ಅರಿಯಬೇಕು. ನಾಡು ನುಡಿ ಸಂಸ್ಕೃತಿ ಉಳಿಸಿ ಬೆಳೆಸುವ ಕಾರ್ಯದಲ್ಲಿ ಎಲ್ಲರೂ ತೊಡಗಿಸಿಕೊಳ್ಳಬೇಕು. ಕನ್ನಡ ಭಾಷೆಗೆ ಎರಡು ಸಾವಿರ ವರ್ಷಗಳ ಇತಿಹಾಸವಿದೆ. ಕನ್ನಡಿಗರು ಭಾಷಾಭಿಮಾನ ಮೆರೆಯಬೇಕು. ಸಂಘದ ಪದಾಧಿಕಾರಿಗಳು, ಸದಸ್ಯರು, ಕನ್ನಡಪರ ಹೋರಾಟಗಾರರು ಹಾಜರಿದ್ದರು.
ಆಲೂರು ಗ್ರಾಪಂ ಅಧ್ಯಕ್ಷರಾಗಿ
ಚಿನ್ನಸ್ವಾಮಿ ಅವಿರೋಧ ಆಯ್ಕೆ
ಚಾಮರಾಜನಗರ, ನ.29– ತಾಲೂಕಿನ ಆಲೂರು ಗ್ರಾಮ ಪಂಚಾಯಿತಿಯ ನೂತನ ಅಧ್ಯಕ್ಷರಾಗಿ ಕಾಂಗ್ರೆಸ್ ಬೆಂಬಲಿತ ಅಭ್ಯರ್ಥಿ ಚಿನ್ನಸ್ವಾಮಿ ಅವರು ಅವಿರೋಧವಾಗಿ ಆಯ್ಕೆಯಾದರು. ಗ್ರಾಮ ಪಂಚಾಯಿತಿ ಸಭಾಂಗಣದಲ್ಲಿ ನಡೆದ ಚುನಾವಣಾ ಪ್ರಕ್ರಿಯೆಯಲ್ಲಿ ಅಧ್ಯಕ್ಷ ಸ್ಥಾನಕ್ಕೆ ಚಿನ್ನಸ್ವಾಮಿ ಅವರೊಬ್ಬರೇ ನಾಮಪತ್ರ ಸಲ್ಲಿಸಿದ್ದರಿಂದ ಅವಿರೋಧ ಆಯ್ಕೆ ಘೋಷಿಸಲಾಯಿತು. ಚುನಾವಣಾಧಿಕಾರಿಯಾಗಿ ತಹಶೀಲ್ದಾರ್ ಕಾರ್ಯನಿರ್ವಹಿಸಿದರು. ಆಲೂರು ಗ್ರಾಮ ಪಂಚಾಯಿತಿ 21 ಸದಸ್ಯರ ಬಲ ಹೊಂದಿದೆ. ನೂತನ ಅಧ್ಯಕ್ಷರನ್ನು ಶಾಸಕ ಸಿ.ಪುಟ್ಟರಂಗಶೆಟ್ಟಿ ಅಭಿನಂದಿಸಿದರು. ಗ್ರಾಮಸ್ಥರು ಪಟಾಕಿ ಸಿಡಿಸಿ ಸಂಭ್ರಮಿಸಿದರು. ಗ್ರಾಮದ ಅಭಿವೃದ್ಧಿಗೆ ಎಲ್ಲರ ಸಹಕಾರ ಪಡೆದು ಕೆಲಸ ಮಾಡುವುದಾಗಿ ನೂತನ ಅಧ್ಯಕ್ಷರು ತಿಳಿಸಿದರು. ಸದಸ್ಯರಾದ ಮಹದೇವಸ್ವಾಮಿ, ನಾಗರಾಜು, ಶಿವಕುಮಾರ್, ಮಂಜುಳ, ಮಹೇಶ್, ಸವಿತಾ, ಮುಖಂಡರಾದ ಕಿರಣ್, ಜಯಣ್ಣ ಸೇರಿದಂತೆ ಹಲವರು ಉಪಸ್ಥಿತರಿದ್ದರು.
●●●●	●●●●	●●●●
